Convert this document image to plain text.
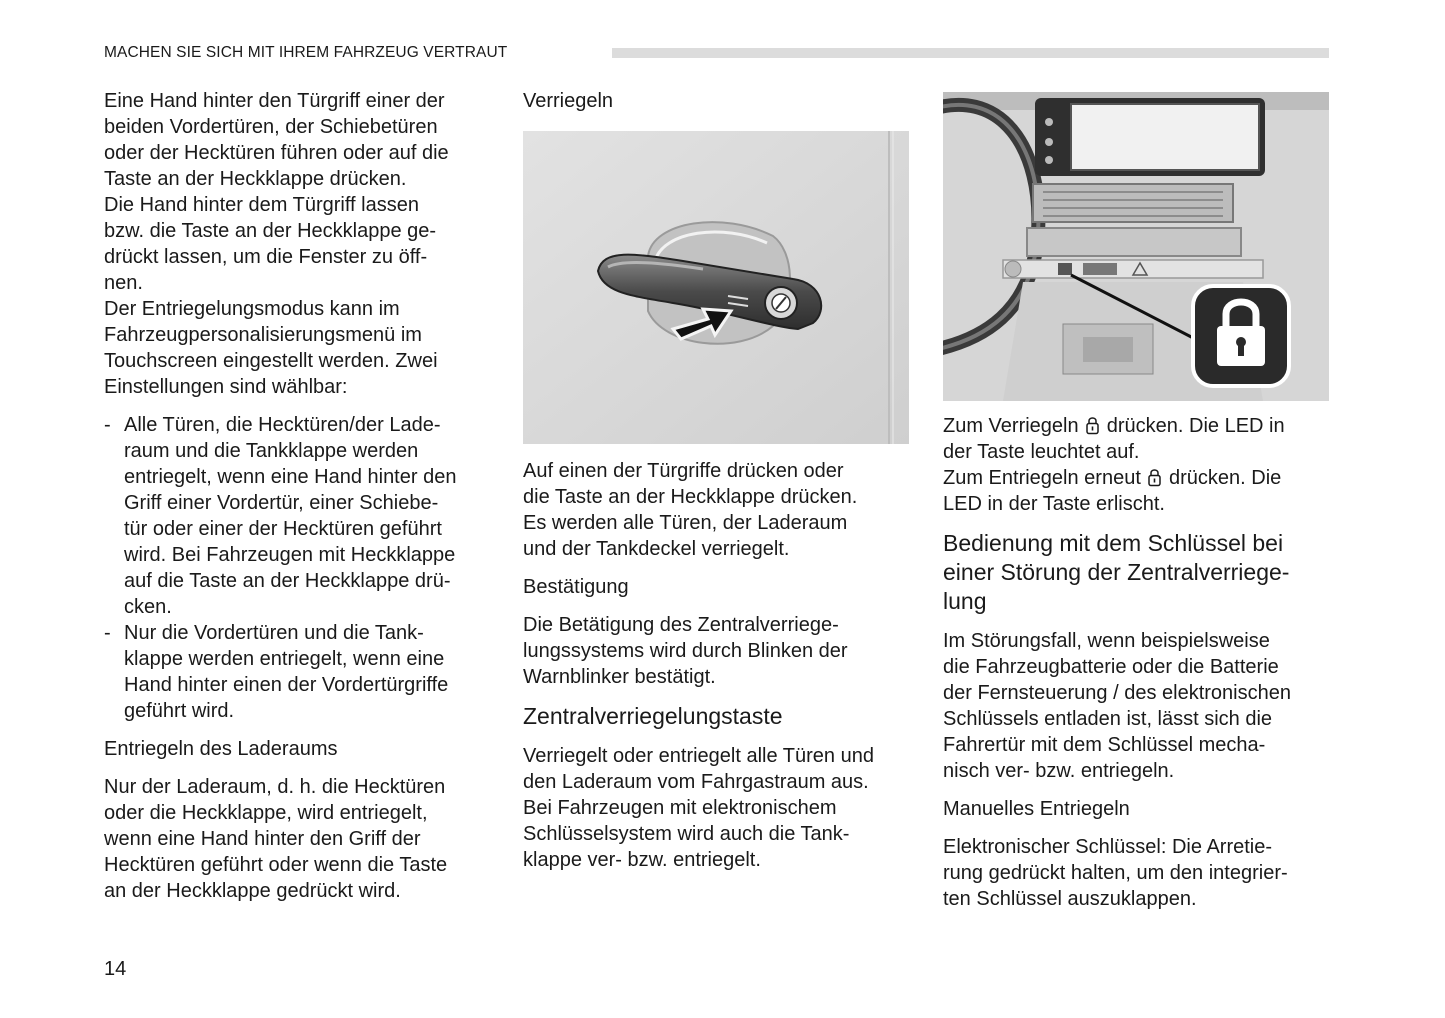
MACHEN SIE SICH MIT IHREM FAHRZEUG VERTRAUT

Eine Hand hinter den Türgriff einer der
beiden Vordertüren, der Schiebetüren
oder der Hecktüren führen oder auf die
Taste an der Heckklappe drücken.
Die Hand hinter dem Türgriff lassen
bzw. die Taste an der Heckklappe ge-
drückt lassen, um die Fenster zu öff-
nen.
Der Entriegelungsmodus kann im
Fahrzeugpersonalisierungsmenü im
Touchscreen eingestellt werden. Zwei
Einstellungen sind wählbar:

- Alle Türen, die Hecktüren/der Lade-
raum und die Tankklappe werden
entriegelt, wenn eine Hand hinter den
Griff einer Vordertür, einer Schiebe-
tür oder einer der Hecktüren geführt
wird. Bei Fahrzeugen mit Heckklappe
auf die Taste an der Heckklappe drü-
cken.
- Nur die Vordertüren und die Tank-
klappe werden entriegelt, wenn eine
Hand hinter einen der Vordertürgriffe
geführt wird.

Entriegeln des Laderaums

Nur der Laderaum, d. h. die Hecktüren
oder die Heckklappe, wird entriegelt,
wenn eine Hand hinter den Griff der
Hecktüren geführt oder wenn die Taste
an der Heckklappe gedrückt wird.

Verriegeln

Auf einen der Türgriffe drücken oder
die Taste an der Heckklappe drücken.
Es werden alle Türen, der Laderaum
und der Tankdeckel verriegelt.

Bestätigung

Die Betätigung des Zentralverriege-
lungssystems wird durch Blinken der
Warnblinker bestätigt.

Zentralverriegelungstaste

Verriegelt oder entriegelt alle Türen und
den Laderaum vom Fahrgastraum aus.
Bei Fahrzeugen mit elektronischem
Schlüsselsystem wird auch die Tank-
klappe ver- bzw. entriegelt.

Zum Verriegeln drücken. Die LED in
der Taste leuchtet auf.
Zum Entriegeln erneut drücken. Die
LED in der Taste erlischt.

Bedienung mit dem Schlüssel bei
einer Störung der Zentralverriege-
lung

Im Störungsfall, wenn beispielsweise
die Fahrzeugbatterie oder die Batterie
der Fernsteuerung / des elektronischen
Schlüssels entladen ist, lässt sich die
Fahrertür mit dem Schlüssel mecha-
nisch ver- bzw. entriegeln.

Manuelles Entriegeln

Elektronischer Schlüssel: Die Arretie-
rung gedrückt halten, um den integrier-
ten Schlüssel auszuklappen.

14
